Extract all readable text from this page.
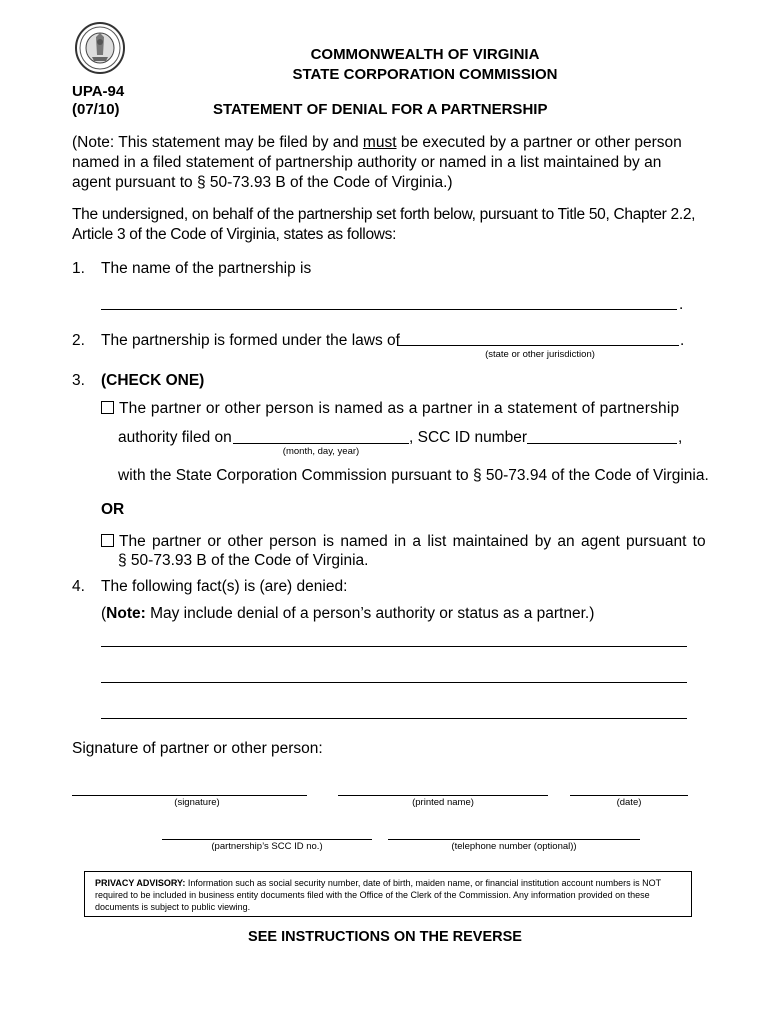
COMMONWEALTH OF VIRGINIA
STATE CORPORATION COMMISSION
UPA-94
(07/10)	STATEMENT OF DENIAL FOR A PARTNERSHIP
(Note: This statement may be filed by and must be executed by a partner or other person named in a filed statement of partnership authority or named in a list maintained by an agent pursuant to § 50-73.93 B of the Code of Virginia.)
The undersigned, on behalf of the partnership set forth below, pursuant to Title 50, Chapter 2.2, Article 3 of the Code of Virginia, states as follows:
1. The name of the partnership is
.
2. The partnership is formed under the laws of	.
(state or other jurisdiction)
3. (CHECK ONE)
The partner or other person is named as a partner in a statement of partnership
authority filed on	, SCC ID number	,
(month, day, year)
with the State Corporation Commission pursuant to § 50-73.94 of the Code of Virginia.
OR
The partner or other person is named in a list maintained by an agent pursuant to
§ 50-73.93 B of the Code of Virginia.
4. The following fact(s) is (are) denied:
(Note: May include denial of a person’s authority or status as a partner.)
Signature of partner or other person:
(signature)	(printed name)	(date)
(partnership’s SCC ID no.)	(telephone number (optional))
PRIVACY ADVISORY: Information such as social security number, date of birth, maiden name, or financial institution account numbers is NOT required to be included in business entity documents filed with the Office of the Clerk of the Commission. Any information provided on these documents is subject to public viewing.
SEE INSTRUCTIONS ON THE REVERSE
